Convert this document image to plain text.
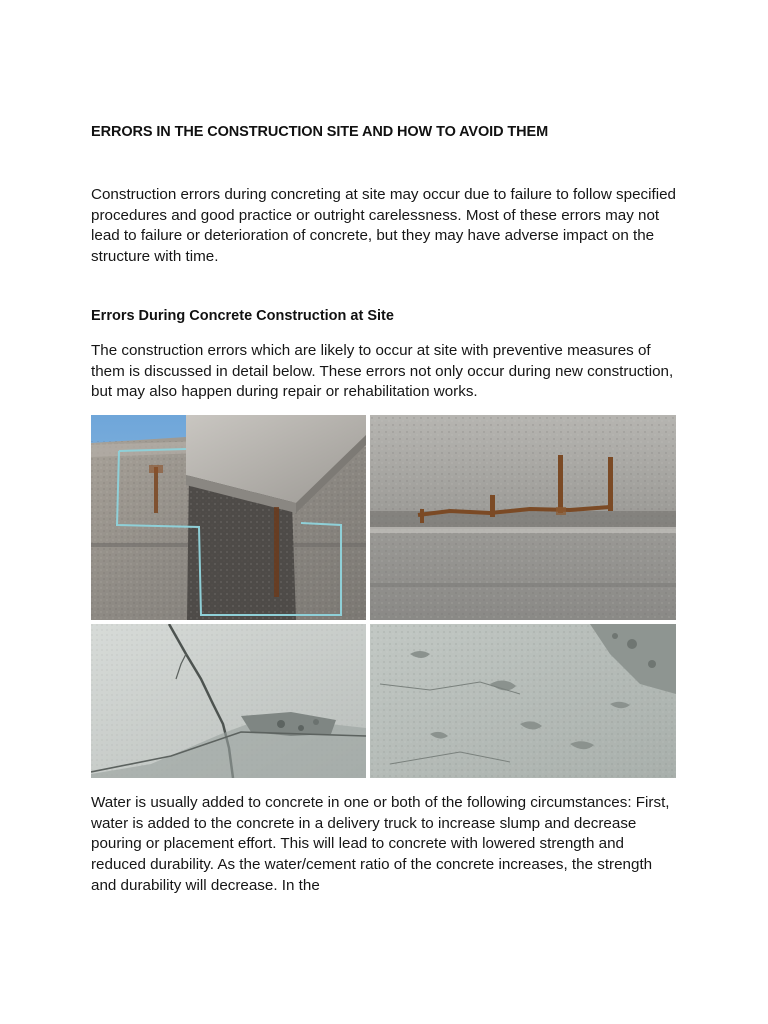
ERRORS IN THE CONSTRUCTION SITE AND HOW TO AVOID THEM

Construction errors during concreting at site may occur due to failure to follow specified procedures and good practice or outright carelessness. Most of these errors may not lead to failure or deterioration of concrete, but they may have adverse impact on the structure with time.

Errors During Concrete Construction at Site

The construction errors which are likely to occur at site with preventive measures of them is discussed in detail below. These errors not only occur during new construction, but may also happen during repair or rehabilitation works.

Water is usually added to concrete in one or both of the following circumstances: First, water is added to the concrete in a delivery truck to increase slump and decrease pouring or placement effort. This will lead to concrete with lowered strength and reduced durability. As the water/cement ratio of the concrete increases, the strength and durability will decrease. In the
